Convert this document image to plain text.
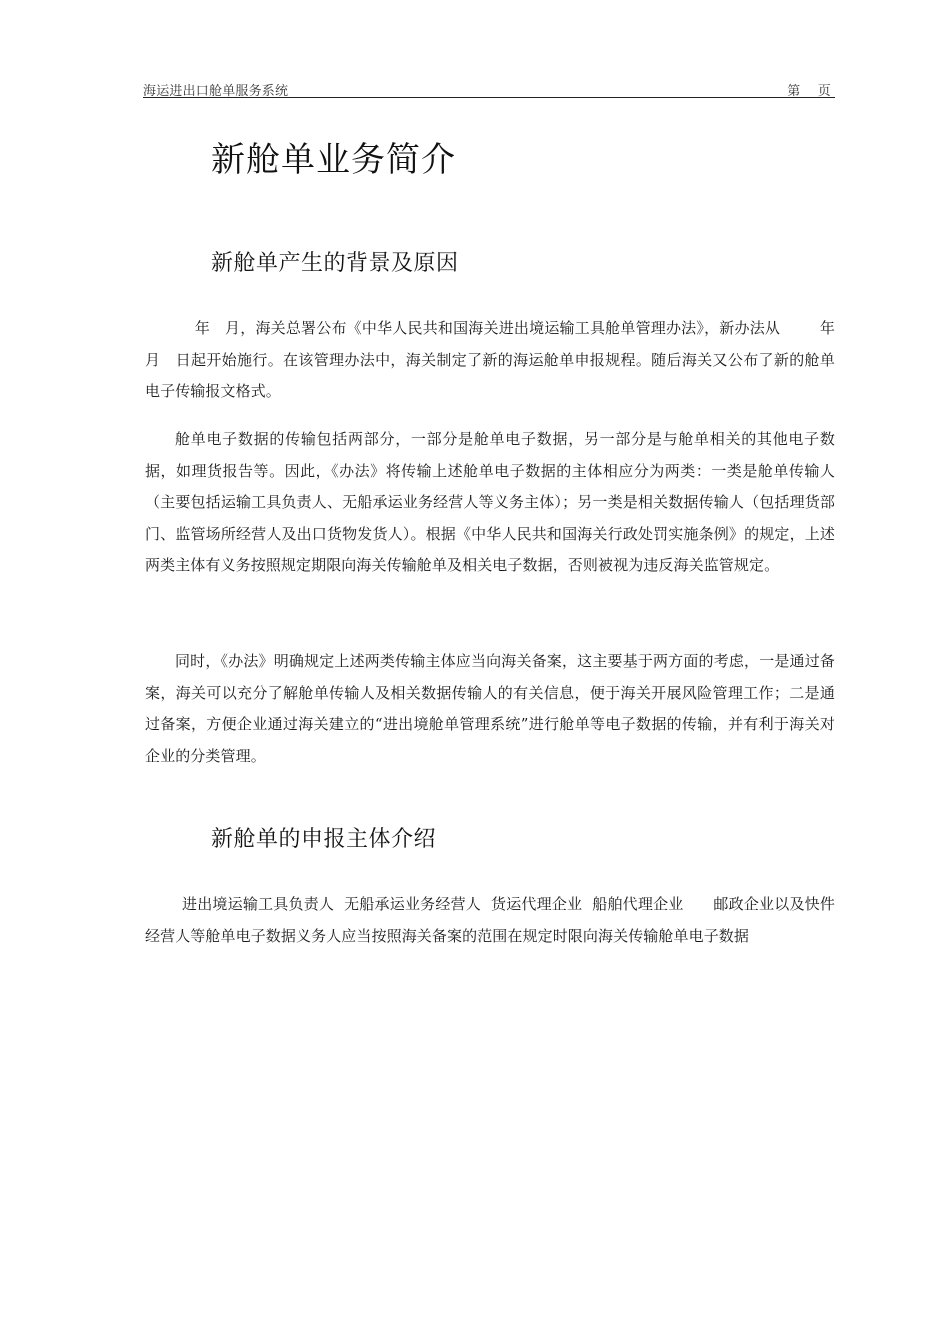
海运进出口舱单服务系统	第    页
新舱单业务简介
新舱单产生的背景及原因

年   月，海关总署公布《中华人民共和国海关进出境运输工具舱单管理办法》，新办法从        年   月   日起开始施行。在该管理办法中，海关制定了新的海运舱单申报规程。随后海关又公布了新的舱单电子传输报文格式。

舱单电子数据的传输包括两部分，一部分是舱单电子数据，另一部分是与舱单相关的其他电子数据，如理货报告等。因此，《办法》将传输上述舱单电子数据的主体相应分为两类：一类是舱单传输人（主要包括运输工具负责人、无船承运业务经营人等义务主体）；另一类是相关数据传输人（包括理货部门、监管场所经营人及出口货物发货人）。根据《中华人民共和国海关行政处罚实施条例》的规定，上述两类主体有义务按照规定期限向海关传输舱单及相关电子数据，否则被视为违反海关监管规定。

同时，《办法》明确规定上述两类传输主体应当向海关备案，这主要基于两方面的考虑，一是通过备案，海关可以充分了解舱单传输人及相关数据传输人的有关信息，便于海关开展风险管理工作；二是通过备案，方便企业通过海关建立的“进出境舱单管理系统”进行舱单等电子数据的传输，并有利于海关对企业的分类管理。

新舱单的申报主体介绍

进出境运输工具负责人  无船承运业务经营人  货运代理企业  船舶代理企业      邮政企业以及快件经营人等舱单电子数据义务人应当按照海关备案的范围在规定时限向海关传输舱单电子数据
